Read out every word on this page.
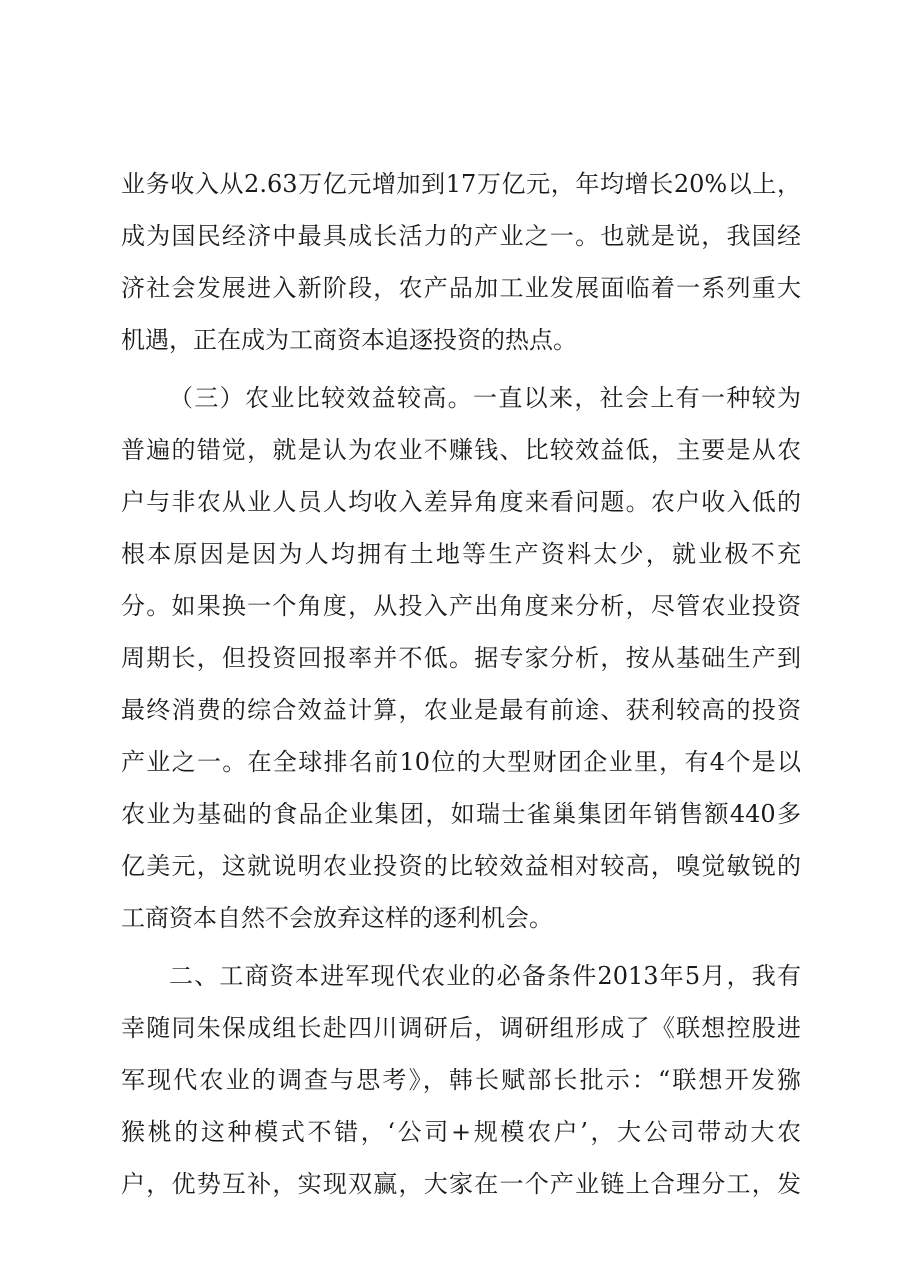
业务收入从2.63万亿元增加到17万亿元，年均增长20%以上，
成为国民经济中最具成长活力的产业之一。也就是说，我国经
济社会发展进入新阶段，农产品加工业发展面临着一系列重大
机遇，正在成为工商资本追逐投资的热点。
（三）农业比较效益较高。一直以来，社会上有一种较为
普遍的错觉，就是认为农业不赚钱、比较效益低，主要是从农
户与非农从业人员人均收入差异角度来看问题。农户收入低的
根本原因是因为人均拥有土地等生产资料太少，就业极不充
分。如果换一个角度，从投入产出角度来分析，尽管农业投资
周期长，但投资回报率并不低。据专家分析，按从基础生产到
最终消费的综合效益计算，农业是最有前途、获利较高的投资
产业之一。在全球排名前10位的大型财团企业里，有4个是以
农业为基础的食品企业集团，如瑞士雀巢集团年销售额440多
亿美元，这就说明农业投资的比较效益相对较高，嗅觉敏锐的
工商资本自然不会放弃这样的逐利机会。
二、工商资本进军现代农业的必备条件2013年5月，我有
幸随同朱保成组长赴四川调研后，调研组形成了《联想控股进
军现代农业的调查与思考》，韩长赋部长批示：“联想开发猕
猴桃的这种模式不错，‘公司+规模农户’，大公司带动大农
户，优势互补，实现双赢，大家在一个产业链上合理分工，发
